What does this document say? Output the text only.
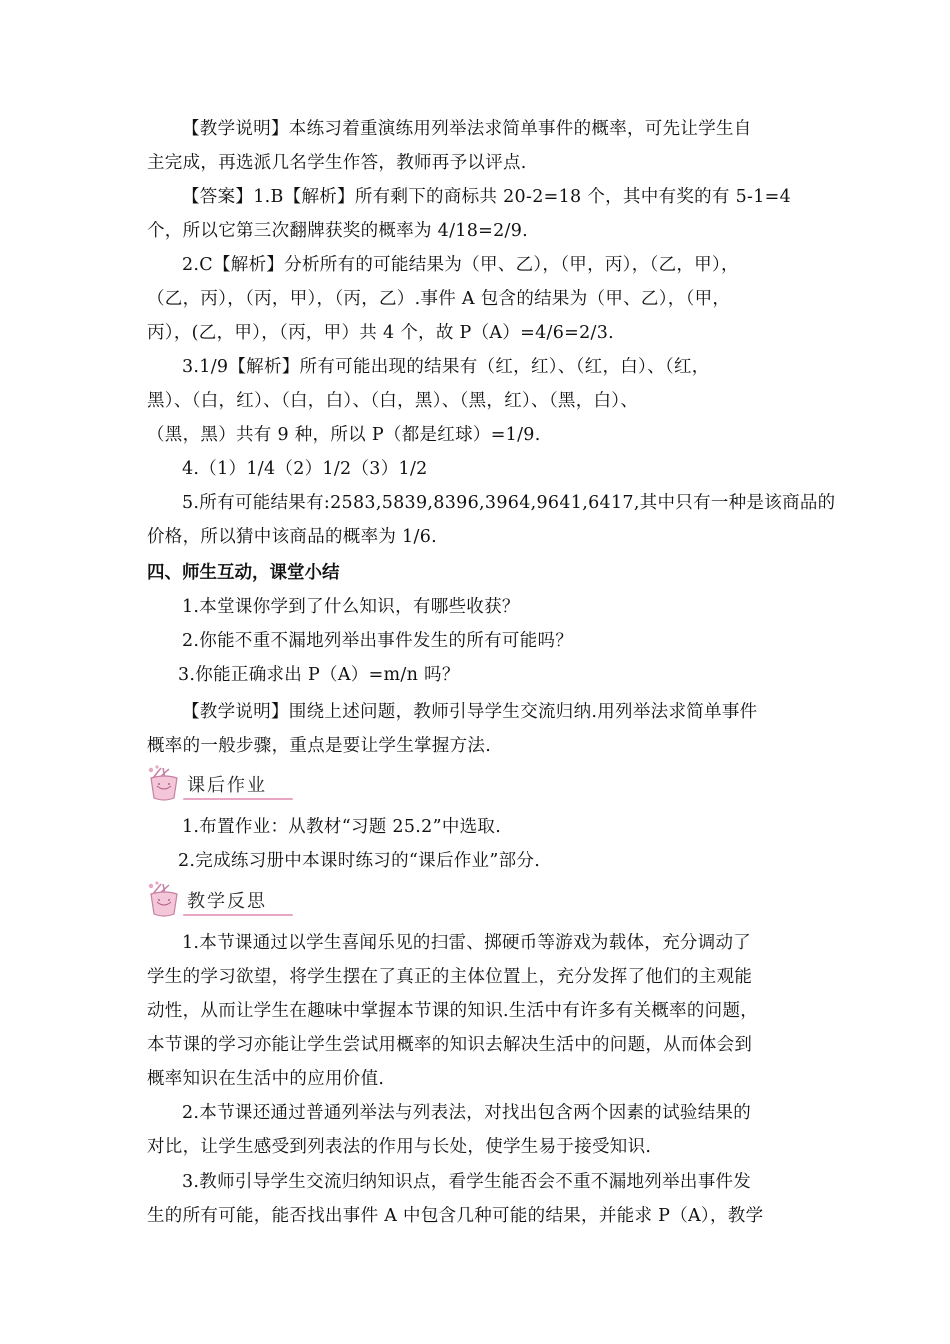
【教学说明】本练习着重演练用列举法求简单事件的概率，可先让学生自
主完成，再选派几名学生作答，教师再予以评点.
【答案】1.B【解析】所有剩下的商标共 20-2=18 个，其中有奖的有 5-1=4
个，所以它第三次翻牌获奖的概率为 4/18=2/9.
2.C【解析】分析所有的可能结果为（甲、乙），（甲，丙），（乙，甲），
（乙，丙），（丙，甲），（丙，乙）.事件 A 包含的结果为（甲、乙），（甲，
丙），(乙，甲），（丙，甲）共 4 个，故 P（A）=4/6=2/3.
3.1/9【解析】所有可能出现的结果有（红，红）、（红，白）、（红，
黑）、（白，红）、（白，白）、（白，黑）、（黑，红）、（黑，白）、
（黑，黑）共有 9 种，所以 P（都是红球）=1/9.
4.（1）1/4（2）1/2（3）1/2
5.所有可能结果有:2583,5839,8396,3964,9641,6417,其中只有一种是该商品的
价格，所以猜中该商品的概率为 1/6.
四、师生互动，课堂小结
1.本堂课你学到了什么知识，有哪些收获？
2.你能不重不漏地列举出事件发生的所有可能吗？
3.你能正确求出 P（A）=m/n 吗？
【教学说明】围绕上述问题，教师引导学生交流归纳.用列举法求简单事件
概率的一般步骤，重点是要让学生掌握方法.
课后作业
1.布置作业：从教材“习题 25.2”中选取.
2.完成练习册中本课时练习的“课后作业”部分.
教学反思
1.本节课通过以学生喜闻乐见的扫雷、掷硬币等游戏为载体，充分调动了
学生的学习欲望，将学生摆在了真正的主体位置上，充分发挥了他们的主观能
动性，从而让学生在趣味中掌握本节课的知识.生活中有许多有关概率的问题，
本节课的学习亦能让学生尝试用概率的知识去解决生活中的问题，从而体会到
概率知识在生活中的应用价值.
2.本节课还通过普通列举法与列表法，对找出包含两个因素的试验结果的
对比，让学生感受到列表法的作用与长处，使学生易于接受知识.
3.教师引导学生交流归纳知识点，看学生能否会不重不漏地列举出事件发
生的所有可能，能否找出事件 A 中包含几种可能的结果，并能求 P（A），教学
